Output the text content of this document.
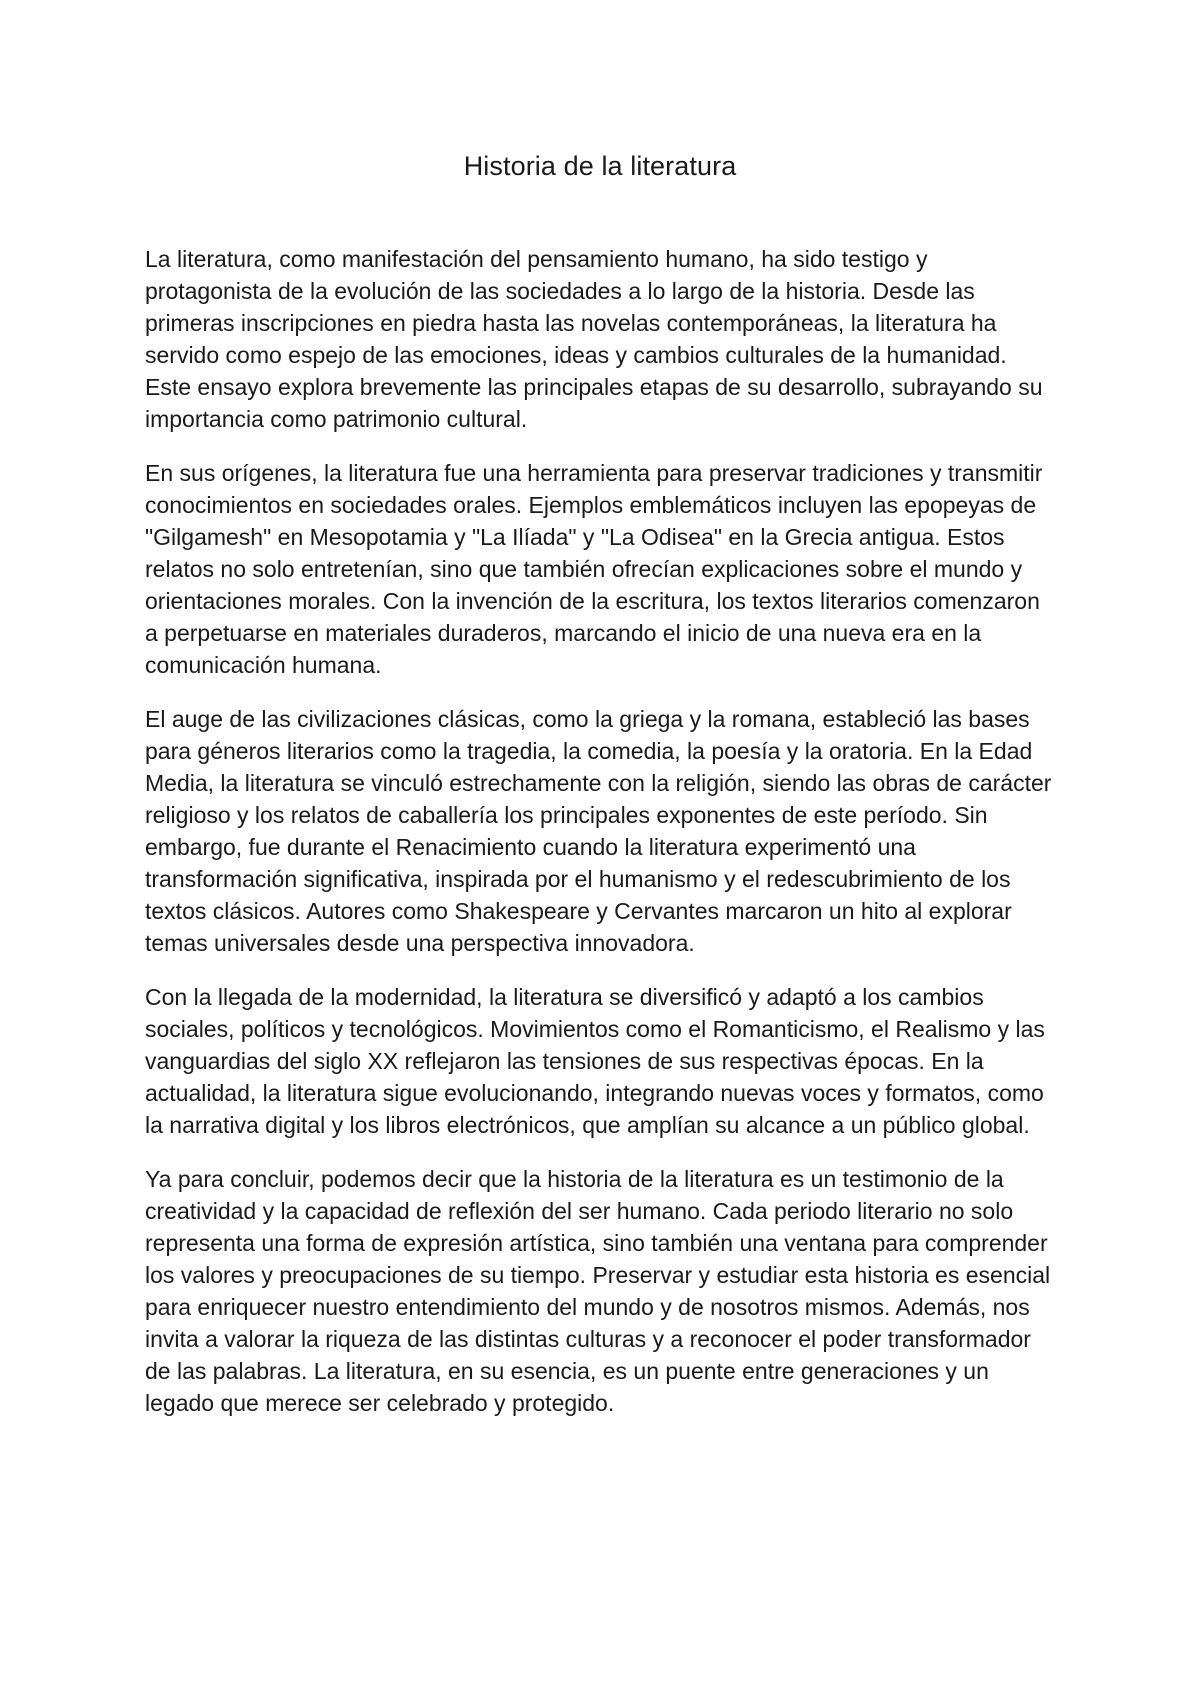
Historia de la literatura

La literatura, como manifestación del pensamiento humano, ha sido testigo y protagonista de la evolución de las sociedades a lo largo de la historia. Desde las primeras inscripciones en piedra hasta las novelas contemporáneas, la literatura ha servido como espejo de las emociones, ideas y cambios culturales de la humanidad. Este ensayo explora brevemente las principales etapas de su desarrollo, subrayando su importancia como patrimonio cultural.

En sus orígenes, la literatura fue una herramienta para preservar tradiciones y transmitir conocimientos en sociedades orales. Ejemplos emblemáticos incluyen las epopeyas de "Gilgamesh" en Mesopotamia y "La Ilíada" y "La Odisea" en la Grecia antigua. Estos relatos no solo entretenían, sino que también ofrecían explicaciones sobre el mundo y orientaciones morales. Con la invención de la escritura, los textos literarios comenzaron a perpetuarse en materiales duraderos, marcando el inicio de una nueva era en la comunicación humana.

El auge de las civilizaciones clásicas, como la griega y la romana, estableció las bases para géneros literarios como la tragedia, la comedia, la poesía y la oratoria. En la Edad Media, la literatura se vinculó estrechamente con la religión, siendo las obras de carácter religioso y los relatos de caballería los principales exponentes de este período. Sin embargo, fue durante el Renacimiento cuando la literatura experimentó una transformación significativa, inspirada por el humanismo y el redescubrimiento de los textos clásicos. Autores como Shakespeare y Cervantes marcaron un hito al explorar temas universales desde una perspectiva innovadora.

Con la llegada de la modernidad, la literatura se diversificó y adaptó a los cambios sociales, políticos y tecnológicos. Movimientos como el Romanticismo, el Realismo y las vanguardias del siglo XX reflejaron las tensiones de sus respectivas épocas. En la actualidad, la literatura sigue evolucionando, integrando nuevas voces y formatos, como la narrativa digital y los libros electrónicos, que amplían su alcance a un público global.

Ya para concluir, podemos decir que la historia de la literatura es un testimonio de la creatividad y la capacidad de reflexión del ser humano. Cada periodo literario no solo representa una forma de expresión artística, sino también una ventana para comprender los valores y preocupaciones de su tiempo. Preservar y estudiar esta historia es esencial para enriquecer nuestro entendimiento del mundo y de nosotros mismos. Además, nos invita a valorar la riqueza de las distintas culturas y a reconocer el poder transformador de las palabras. La literatura, en su esencia, es un puente entre generaciones y un legado que merece ser celebrado y protegido.
